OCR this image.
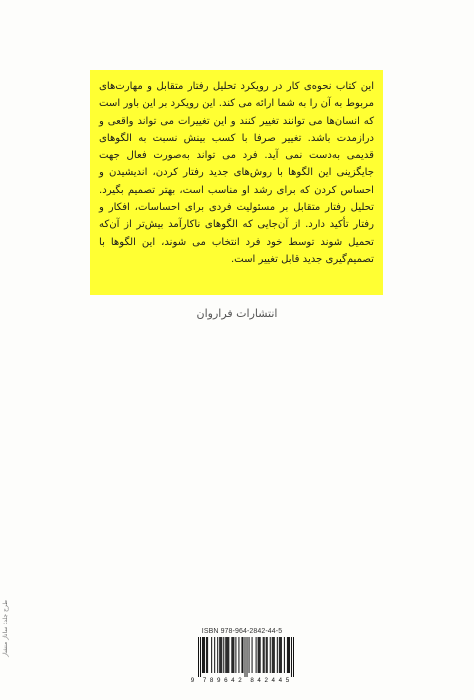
این کتاب نحوه‌ی کار در رویکرد تحلیل رفتار متقابل و مهارت‌های مربوط به آن را به شما ارائه می کند. این رویکرد بر این باور است که انسان‌ها می توانند تغییر کنند و این تغییرات می تواند واقعی و درازمدت باشد. تغییر صرفا با کسب بینش نسبت به الگوهای قدیمی به‌دست نمی آید. فرد می تواند به‌صورت فعال جهت جایگزینی این الگوها با روش‌های جدید رفتار کردن، اندیشیدن و احساس کردن که برای رشد او مناسب است، بهتر تصمیم بگیرد. تحلیل رفتار متقابل بر مسئولیت فردی برای احساسات، افکار و رفتار تأکید دارد. از آن‌جایی که الگوهای ناکارآمد بیش‌تر از آن‌که تحمیل شوند توسط خود فرد انتخاب می شوند، این الگوها با تصمیم‌گیری جدید قابل تغییر است.

انتشارات فراروان
طرح جلد: ساناز منشار	ISBN 978-964-2842-44-5
9 7 8 9 6 4 2 8 4 2 4 4 5
